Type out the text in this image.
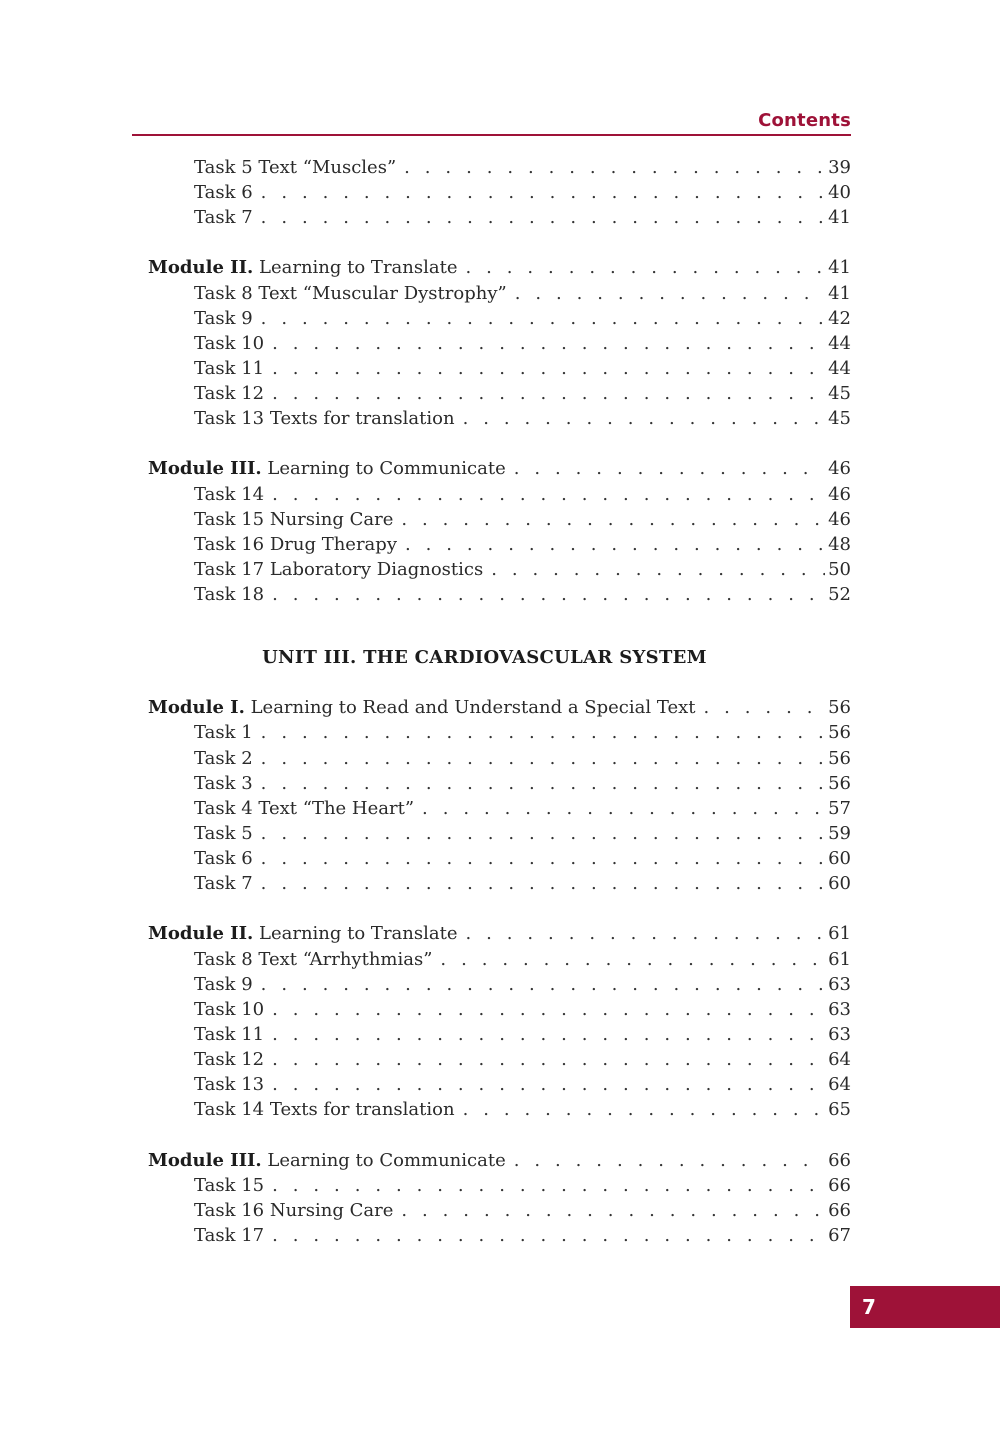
Contents
Task 5 Text “Muscles” . . .	39
Task 6 . . .	40
Task 7 . . .	41
Module II. Learning to Translate . . .	41
Task 8 Text “Muscular Dystrophy” . . .	41
Task 9 . . .	42
Task 10 . . .	44
Task 11 . . .	44
Task 12 . . .	45
Task 13 Texts for translation . . .	45
Module III. Learning to Communicate . . .	46
Task 14 . . .	46
Task 15 Nursing Care . . .	46
Task 16 Drug Therapy . . .	48
Task 17 Laboratory Diagnostics . . .	50
Task 18 . . .	52
UNIT III. THE CARDIOVASCULAR SYSTEM
Module I. Learning to Read and Understand a Special Text . . .	56
Task 1 . . .	56
Task 2 . . .	56
Task 3 . . .	56
Task 4 Text “The Heart” . . .	57
Task 5 . . .	59
Task 6 . . .	60
Task 7 . . .	60
Module II. Learning to Translate . . .	61
Task 8 Text “Arrhythmias” . . .	61
Task 9 . . .	63
Task 10 . . .	63
Task 11 . . .	63
Task 12 . . .	64
Task 13 . . .	64
Task 14 Texts for translation . . .	65
Module III. Learning to Communicate . . .	66
Task 15 . . .	66
Task 16 Nursing Care . . .	66
Task 17 . . .	67
7
